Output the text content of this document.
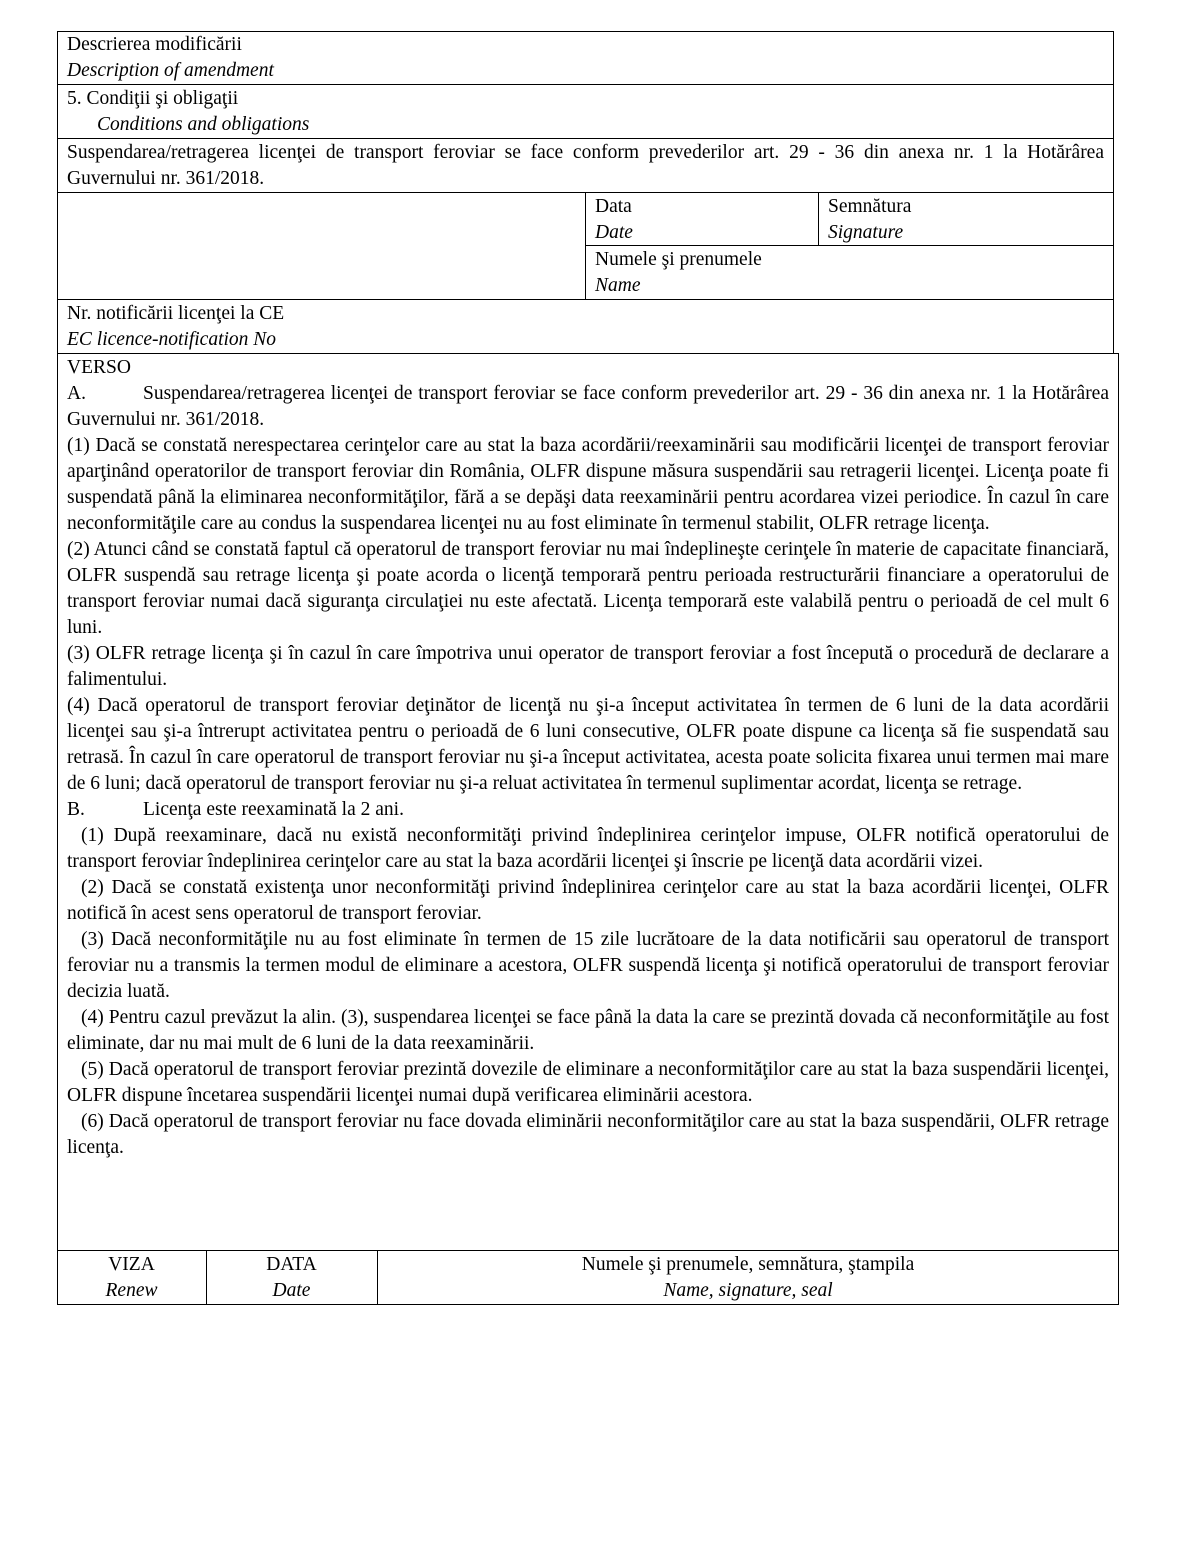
Descrierea modificării
Description of amendment
5. Condiţii şi obligaţii
Conditions and obligations
Suspendarea/retragerea licenţei de transport feroviar se face conform prevederilor art. 29 - 36 din anexa nr. 1 la Hotărârea Guvernului nr. 361/2018.
Data
Date
Semnătura
Signature
Numele şi prenumele
Name
Nr. notificării licenţei la CE
EC licence-notification No
VERSO
A.	Suspendarea/retragerea licenţei de transport feroviar se face conform prevederilor art. 29 - 36 din anexa nr. 1 la Hotărârea Guvernului nr. 361/2018.
(1) Dacă se constată nerespectarea cerinţelor care au stat la baza acordării/reexaminării sau modificării licenţei de transport feroviar aparţinând operatorilor de transport feroviar din România, OLFR dispune măsura suspendării sau retragerii licenţei. Licenţa poate fi suspendată până la eliminarea neconformităţilor, fără a se depăşi data reexaminării pentru acordarea vizei periodice. În cazul în care neconformităţile care au condus la suspendarea licenţei nu au fost eliminate în termenul stabilit, OLFR retrage licenţa.
(2) Atunci când se constată faptul că operatorul de transport feroviar nu mai îndeplineşte cerinţele în materie de capacitate financiară, OLFR suspendă sau retrage licenţa şi poate acorda o licenţă temporară pentru perioada restructurării financiare a operatorului de transport feroviar numai dacă siguranţa circulaţiei nu este afectată. Licenţa temporară este valabilă pentru o perioadă de cel mult 6 luni.
(3) OLFR retrage licenţa şi în cazul în care împotriva unui operator de transport feroviar a fost începută o procedură de declarare a falimentului.
(4) Dacă operatorul de transport feroviar deţinător de licenţă nu şi-a început activitatea în termen de 6 luni de la data acordării licenţei sau şi-a întrerupt activitatea pentru o perioadă de 6 luni consecutive, OLFR poate dispune ca licenţa să fie suspendată sau retrasă. În cazul în care operatorul de transport feroviar nu şi-a început activitatea, acesta poate solicita fixarea unui termen mai mare de 6 luni; dacă operatorul de transport feroviar nu şi-a reluat activitatea în termenul suplimentar acordat, licenţa se retrage.
B.	Licenţa este reexaminată la 2 ani.
(1) După reexaminare, dacă nu există neconformităţi privind îndeplinirea cerinţelor impuse, OLFR notifică operatorului de transport feroviar îndeplinirea cerinţelor care au stat la baza acordării licenţei şi înscrie pe licenţă data acordării vizei.
(2) Dacă se constată existenţa unor neconformităţi privind îndeplinirea cerinţelor care au stat la baza acordării licenţei, OLFR notifică în acest sens operatorul de transport feroviar.
(3) Dacă neconformităţile nu au fost eliminate în termen de 15 zile lucrătoare de la data notificării sau operatorul de transport feroviar nu a transmis la termen modul de eliminare a acestora, OLFR suspendă licenţa şi notifică operatorului de transport feroviar decizia luată.
(4) Pentru cazul prevăzut la alin. (3), suspendarea licenţei se face până la data la care se prezintă dovada că neconformităţile au fost eliminate, dar nu mai mult de 6 luni de la data reexaminării.
(5) Dacă operatorul de transport feroviar prezintă dovezile de eliminare a neconformităţilor care au stat la baza suspendării licenţei, OLFR dispune încetarea suspendării licenţei numai după verificarea eliminării acestora.
(6) Dacă operatorul de transport feroviar nu face dovada eliminării neconformităţilor care au stat la baza suspendării, OLFR retrage licenţa.
VIZA
Renew
DATA
Date
Numele şi prenumele, semnătura, ştampila
Name, signature, seal
